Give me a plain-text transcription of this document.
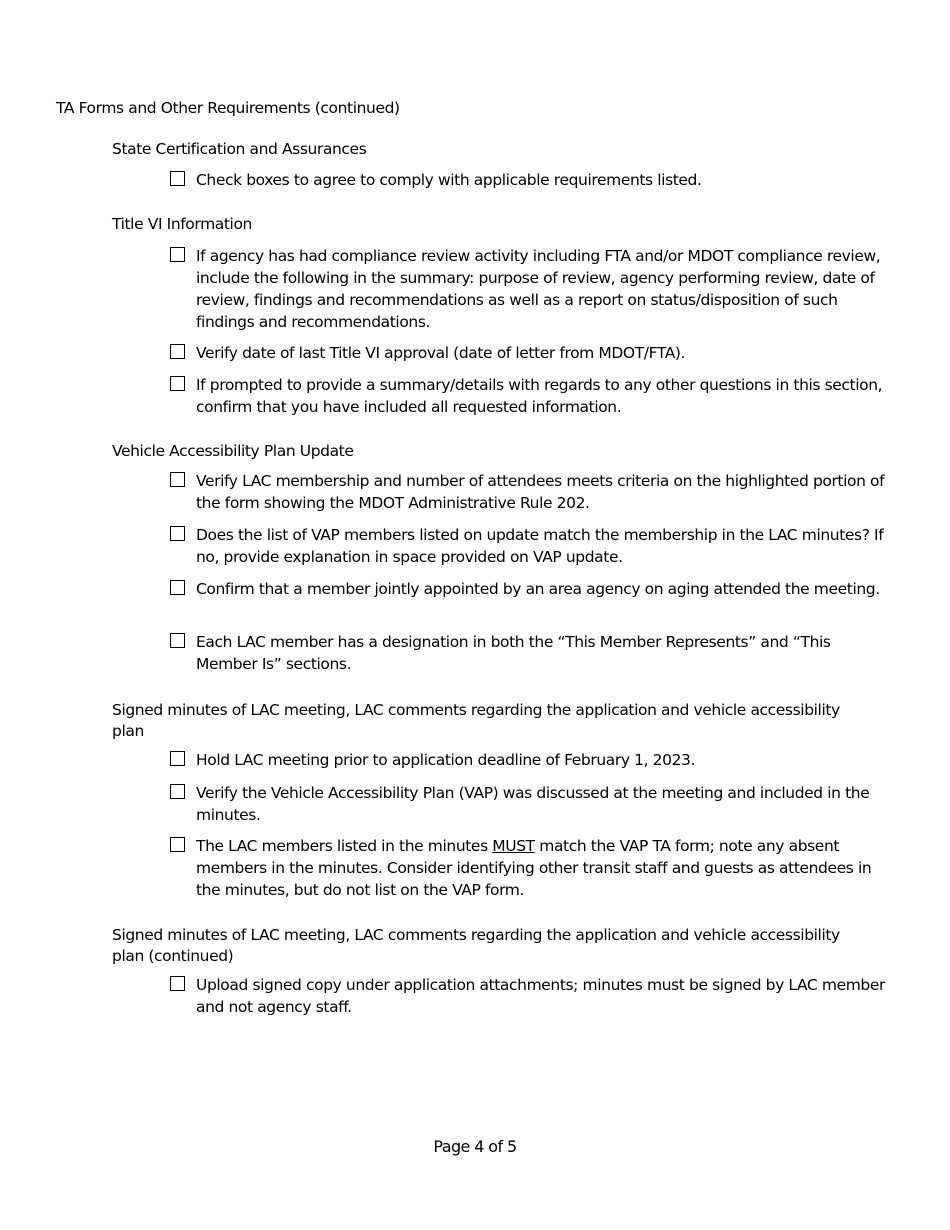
TA Forms and Other Requirements (continued)
State Certification and Assurances
Check boxes to agree to comply with applicable requirements listed.
Title VI Information
If agency has had compliance review activity including FTA and/or MDOT compliance review, include the following in the summary: purpose of review, agency performing review, date of review, findings and recommendations as well as a report on status/disposition of such findings and recommendations.
Verify date of last Title VI approval (date of letter from MDOT/FTA).
If prompted to provide a summary/details with regards to any other questions in this section, confirm that you have included all requested information.
Vehicle Accessibility Plan Update
Verify LAC membership and number of attendees meets criteria on the highlighted portion of the form showing the MDOT Administrative Rule 202.
Does the list of VAP members listed on update match the membership in the LAC minutes? If no, provide explanation in space provided on VAP update.
Confirm that a member jointly appointed by an area agency on aging attended the meeting.
Each LAC member has a designation in both the “This Member Represents” and “This Member Is” sections.
Signed minutes of LAC meeting, LAC comments regarding the application and vehicle accessibility plan
Hold LAC meeting prior to application deadline of February 1, 2023.
Verify the Vehicle Accessibility Plan (VAP) was discussed at the meeting and included in the minutes.
The LAC members listed in the minutes MUST match the VAP TA form; note any absent members in the minutes. Consider identifying other transit staff and guests as attendees in the minutes, but do not list on the VAP form.
Signed minutes of LAC meeting, LAC comments regarding the application and vehicle accessibility plan (continued)
Upload signed copy under application attachments; minutes must be signed by LAC member and not agency staff.
Page 4 of 5
